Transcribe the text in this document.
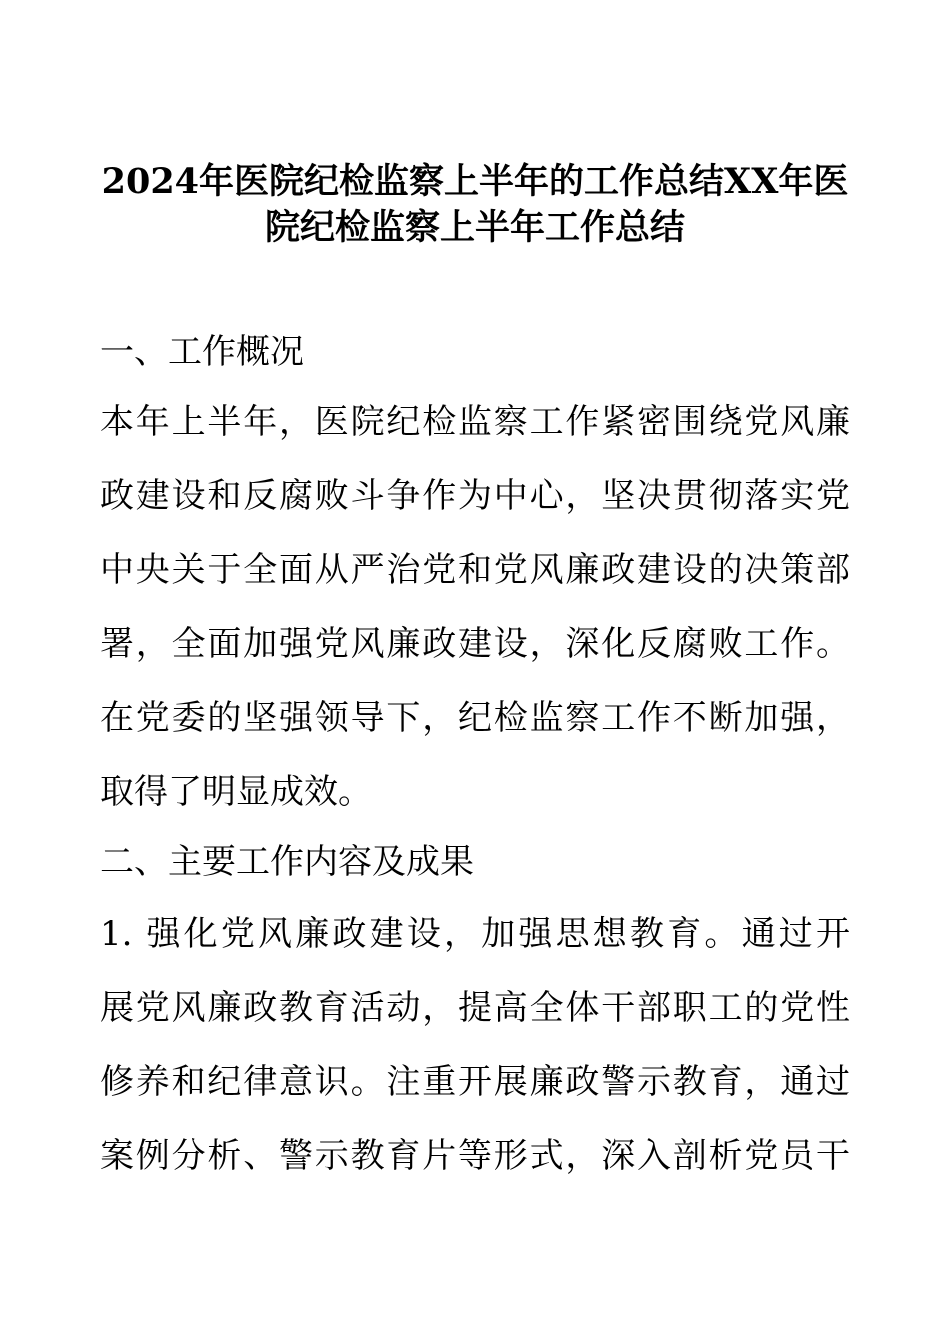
2024年医院纪检监察上半年的工作总结XX年医
院纪检监察上半年工作总结
一、工作概况
本年上半年，医院纪检监察工作紧密围绕党风廉
政建设和反腐败斗争作为中心，坚决贯彻落实党
中央关于全面从严治党和党风廉政建设的决策部
署，全面加强党风廉政建设，深化反腐败工作。
在党委的坚强领导下，纪检监察工作不断加强，
取得了明显成效。
二、主要工作内容及成果
1. 强化党风廉政建设，加强思想教育。通过开
展党风廉政教育活动，提高全体干部职工的党性
修养和纪律意识。注重开展廉政警示教育，通过
案例分析、警示教育片等形式，深入剖析党员干
